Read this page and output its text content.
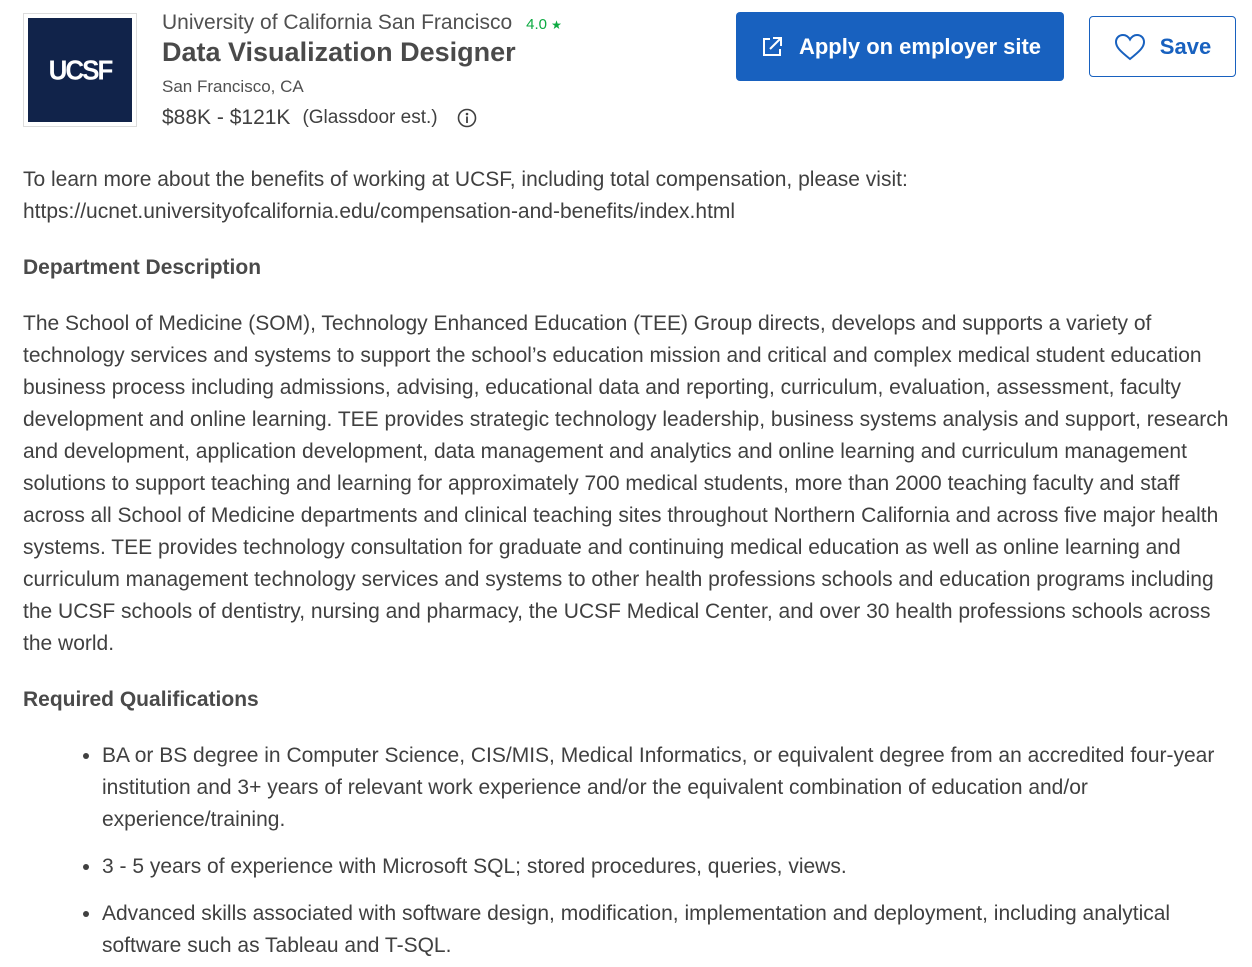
UCSF
University of California San Francisco 4.0 ★
Data Visualization Designer
San Francisco, CA
$88K - $121K (Glassdoor est.)
Apply on employer site	Save

To learn more about the benefits of working at UCSF, including total compensation, please visit: https://ucnet.universityofcalifornia.edu/compensation-and-benefits/index.html

Department Description

The School of Medicine (SOM), Technology Enhanced Education (TEE) Group directs, develops and supports a variety of technology services and systems to support the school’s education mission and critical and complex medical student education business process including admissions, advising, educational data and reporting, curriculum, evaluation, assessment, faculty development and online learning. TEE provides strategic technology leadership, business systems analysis and support, research and development, application development, data management and analytics and online learning and curriculum management solutions to support teaching and learning for approximately 700 medical students, more than 2000 teaching faculty and staff across all School of Medicine departments and clinical teaching sites throughout Northern California and across five major health systems. TEE provides technology consultation for graduate and continuing medical education as well as online learning and curriculum management technology services and systems to other health professions schools and education programs including the UCSF schools of dentistry, nursing and pharmacy, the UCSF Medical Center, and over 30 health professions schools across the world.

Required Qualifications

• BA or BS degree in Computer Science, CIS/MIS, Medical Informatics, or equivalent degree from an accredited four-year institution and 3+ years of relevant work experience and/or the equivalent combination of education and/or experience/training.
• 3 - 5 years of experience with Microsoft SQL; stored procedures, queries, views.
• Advanced skills associated with software design, modification, implementation and deployment, including analytical software such as Tableau and T-SQL.
